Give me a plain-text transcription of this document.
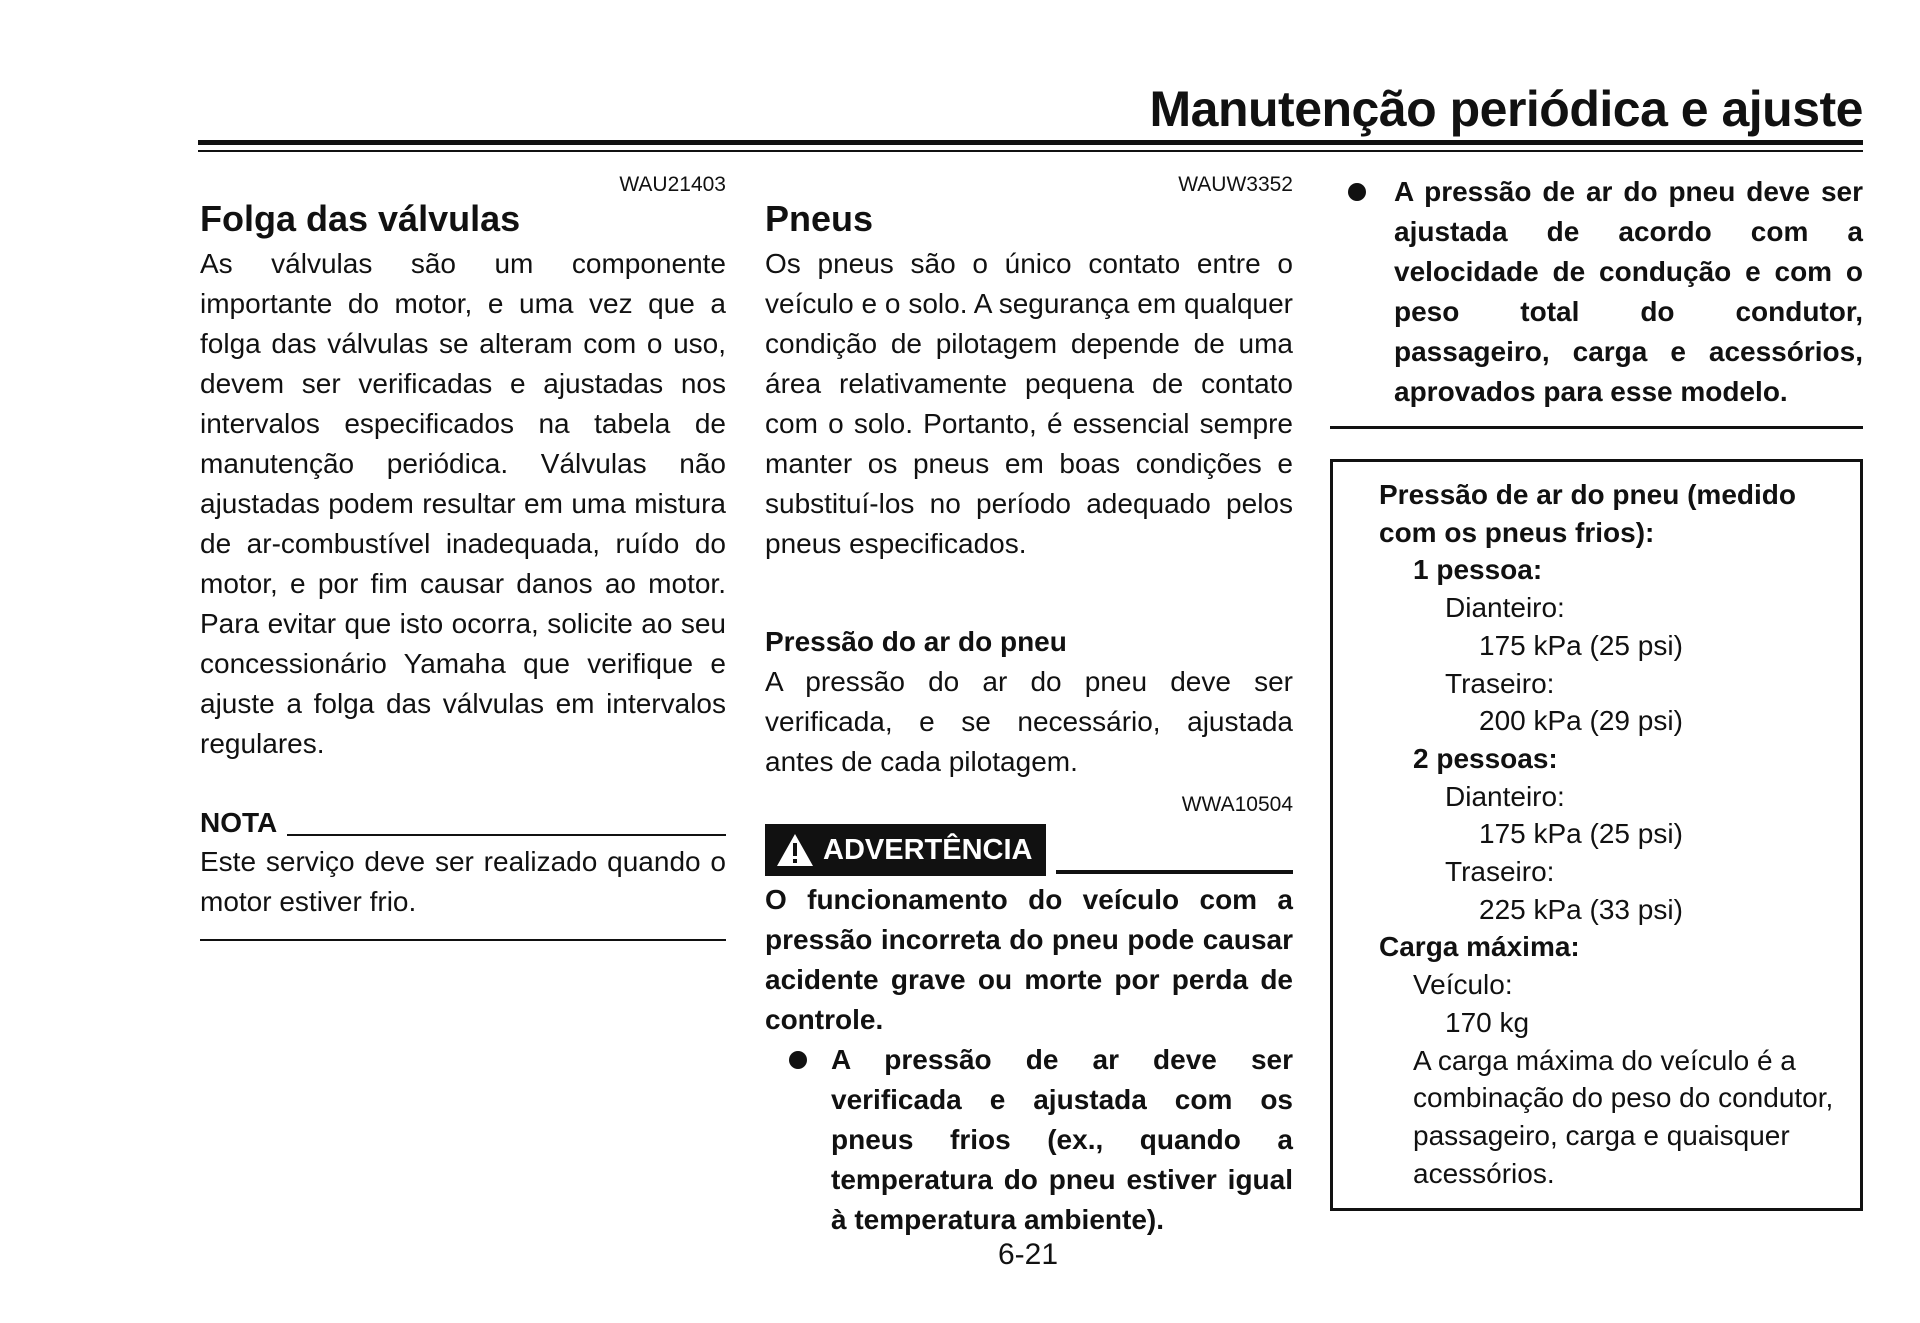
Manutenção periódica e ajuste
WAU21403
Folga das válvulas

As válvulas são um componente importante do motor, e uma vez que a folga das válvulas se alteram com o uso, devem ser verificadas e ajustadas nos intervalos especificados na tabela de manutenção periódica. Válvulas não ajustadas podem resultar em uma mistura de ar-combustível inadequada, ruído do motor, e por fim causar danos ao motor. Para evitar que isto ocorra, solicite ao seu concessionário Yamaha que verifique e ajuste a folga das válvulas em intervalos regulares.

NOTA

Este serviço deve ser realizado quando o motor estiver frio.

WAUW3352
Pneus

Os pneus são o único contato entre o veículo e o solo. A segurança em qualquer condição de pilotagem depende de uma área relativamente pequena de contato com o solo. Portanto, é essencial sempre manter os pneus em boas condições e substituí-los no período adequado pelos pneus especificados.

Pressão do ar do pneu

A pressão do ar do pneu deve ser verificada, e se necessário, ajustada antes de cada pilotagem.

WWA10504
ADVERTÊNCIA

O funcionamento do veículo com a pressão incorreta do pneu pode causar acidente grave ou morte por perda de controle.

A pressão de ar deve ser verificada e ajustada com os pneus frios (ex., quando a temperatura do pneu estiver igual à temperatura ambiente).

A pressão de ar do pneu deve ser ajustada de acordo com a velocidade de condução e com o peso total do condutor, passageiro, carga e acessórios, aprovados para esse modelo.

Pressão de ar do pneu (medido
com os pneus frios):
1 pessoa:
Dianteiro:
175 kPa (25 psi)
Traseiro:
200 kPa (29 psi)
2 pessoas:
Dianteiro:
175 kPa (25 psi)
Traseiro:
225 kPa (33 psi)
Carga máxima:
Veículo:
170 kg
A carga máxima do veículo é a combinação do peso do condutor, passageiro, carga e quaisquer acessórios.
6-21
